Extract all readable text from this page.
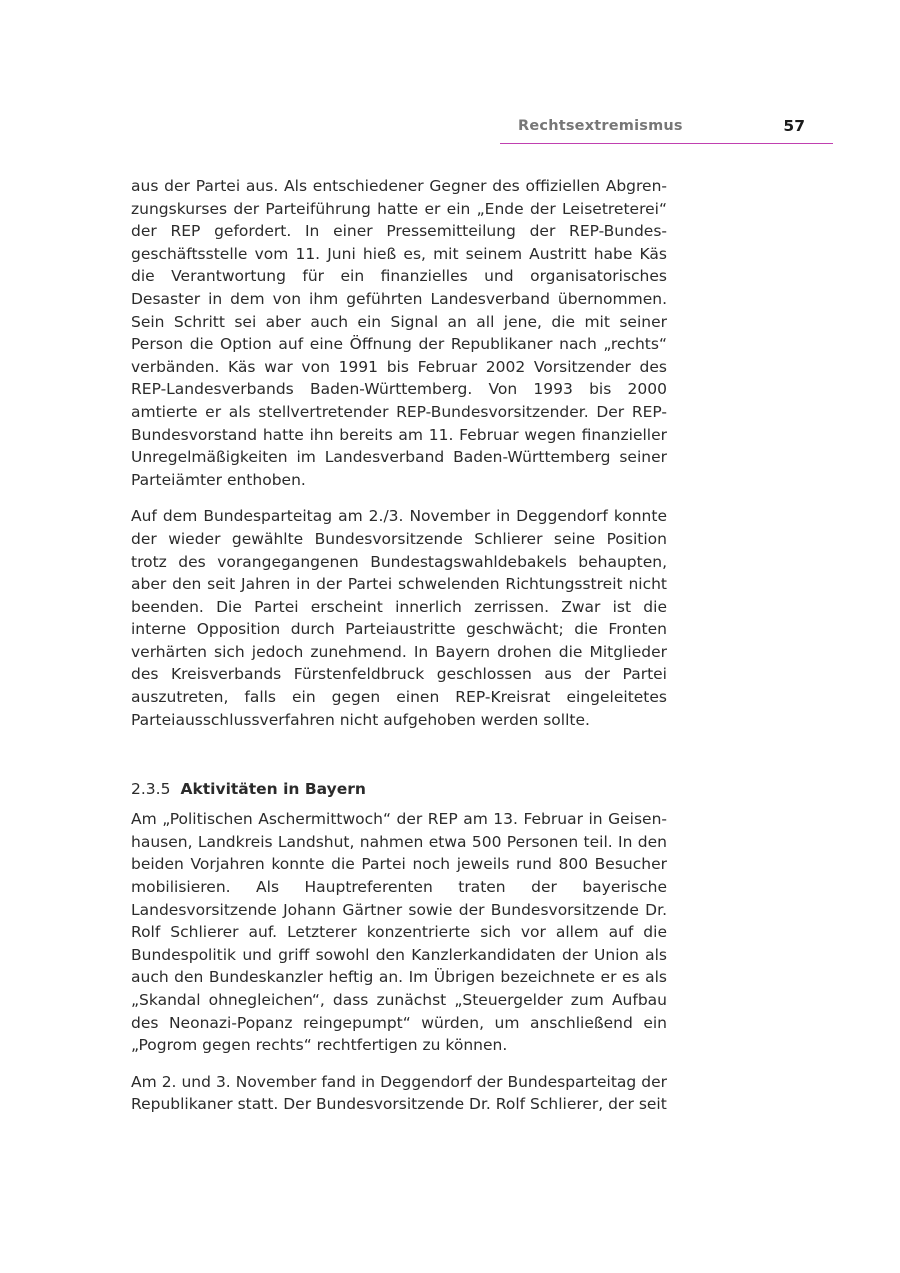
Rechtsextremismus	57

aus der Partei aus. Als entschiedener Gegner des offiziellen Abgrenzungskurses der Parteiführung hatte er ein „Ende der Leisetreterei“ der REP gefordert. In einer Pressemitteilung der REP-Bundesgeschäftsstelle vom 11. Juni hieß es, mit seinem Austritt habe Käs die Verantwortung für ein finanzielles und organisatorisches Desaster in dem von ihm geführten Landesverband übernommen. Sein Schritt sei aber auch ein Signal an all jene, die mit seiner Person die Option auf eine Öffnung der Republikaner nach „rechts“ verbänden. Käs war von 1991 bis Februar 2002 Vorsitzender des REP-Landesverbands Baden-Württemberg. Von 1993 bis 2000 amtierte er als stellvertretender REP-Bundesvorsitzender. Der REP-Bundesvorstand hatte ihn bereits am 11. Februar wegen finanzieller Unregelmäßigkeiten im Landesverband Baden-Württemberg seiner Parteiämter enthoben.

Auf dem Bundesparteitag am 2./3. November in Deggendorf konnte der wieder gewählte Bundesvorsitzende Schlierer seine Position trotz des vorangegangenen Bundestagswahldebakels behaupten, aber den seit Jahren in der Partei schwelenden Richtungsstreit nicht beenden. Die Partei erscheint innerlich zerrissen. Zwar ist die interne Opposition durch Parteiaustritte geschwächt; die Fronten verhärten sich jedoch zunehmend. In Bayern drohen die Mitglieder des Kreisverbands Fürstenfeldbruck geschlossen aus der Partei auszutreten, falls ein gegen einen REP-Kreisrat eingeleitetes Parteiausschlussverfahren nicht aufgehoben werden sollte.

2.3.5 Aktivitäten in Bayern

Am „Politischen Aschermittwoch“ der REP am 13. Februar in Geisenhausen, Landkreis Landshut, nahmen etwa 500 Personen teil. In den beiden Vorjahren konnte die Partei noch jeweils rund 800 Besucher mobilisieren. Als Hauptreferenten traten der bayerische Landesvorsitzende Johann Gärtner sowie der Bundesvorsitzende Dr. Rolf Schlierer auf. Letzterer konzentrierte sich vor allem auf die Bundespolitik und griff sowohl den Kanzlerkandidaten der Union als auch den Bundeskanzler heftig an. Im Übrigen bezeichnete er es als „Skandal ohnegleichen“, dass zunächst „Steuergelder zum Aufbau des Neonazi-Popanz reingepumpt“ würden, um anschließend ein „Pogrom gegen rechts“ rechtfertigen zu können.

Am 2. und 3. November fand in Deggendorf der Bundesparteitag der Republikaner statt. Der Bundesvorsitzende Dr. Rolf Schlierer, der seit
